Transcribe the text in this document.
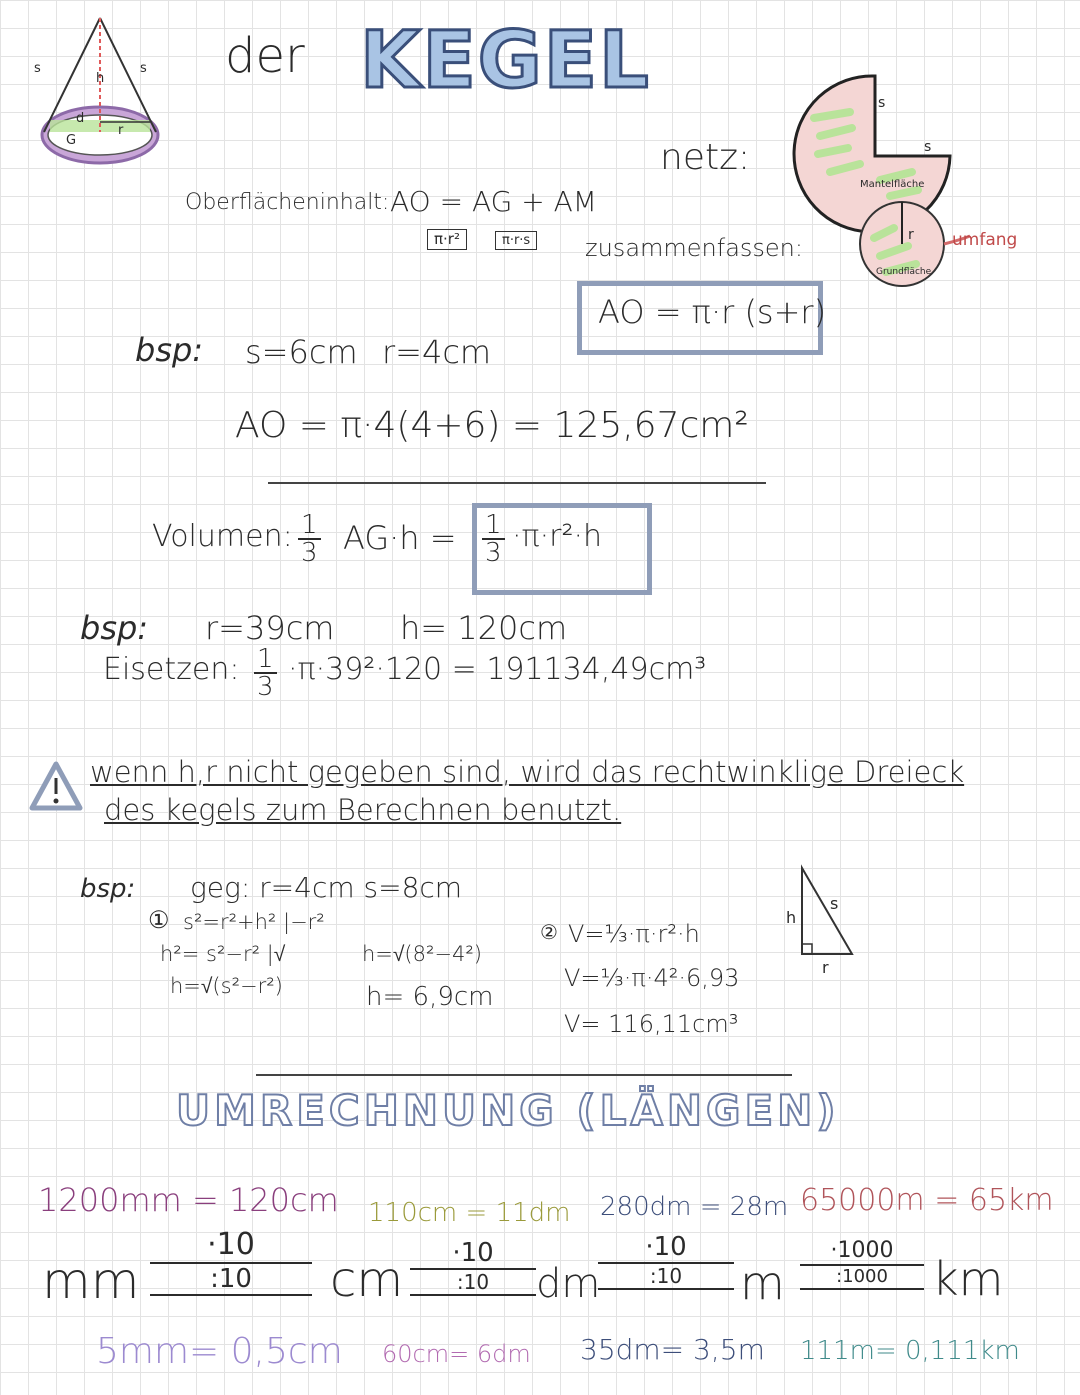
s	s
h
d
r
G
der KEGEL
netz:
s
s
Mantelfläche
r
Grundfläche
umfang
Oberflächeninhalt: AO = AG + AM
π·r²	π·r·s zusammenfassen:
AO = π·r (s+r)
bsp: s=6cm r=4cm
AO = π·4(4+6) = 125,67cm²
Volumen: $\frac{1}{3} AG\cdot h = \frac{1}{3} \cdot\pi\cdot r^2\cdot h$
bsp: r=39cm h= 120cm
Eisetzen: $\frac{1}{3} \cdot\pi\cdot 39^2\cdot 120 = 191134,49cm^3$
wenn h,r nicht gegeben sind, wird das rechtwinklige Dreieck
des kegels zum Berechnen benutzt.
bsp: geg: r=4cm s=8cm
① s²=r²+h² |−r²
h²= s²−r² |√
h=√(s²−r²)
h=√(8²−4²)
h= 6,9cm
② V=⅓·π·r²·h
V=⅓·π·4²·6,93
V= 116,11cm³
s
h
r
UMRECHNUNG (LÄNGEN)
1200mm = 120cm 110cm = 11dm 280dm = 28m 65000m = 65km
mm
·10
:10	cm	·10
:10	dm
·10
:10	m
·1000
:1000 km
5mm= 0,5cm 60cm= 6dm 35dm= 3,5m 111m= 0,111km
